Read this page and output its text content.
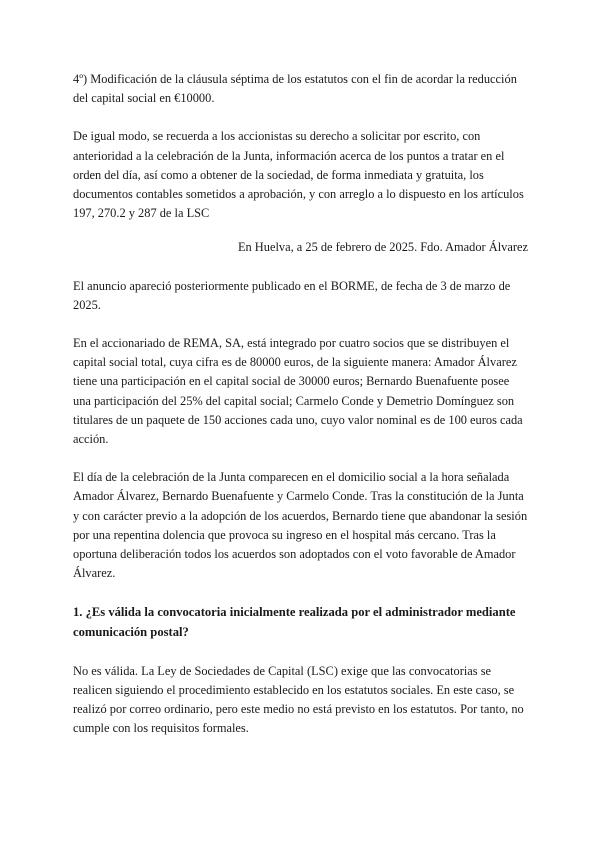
4º) Modificación de la cláusula séptima de los estatutos con el fin de acordar la reducción del capital social en €10000.

De igual modo, se recuerda a los accionistas su derecho a solicitar por escrito, con anterioridad a la celebración de la Junta, información acerca de los puntos a tratar en el orden del día, así como a obtener de la sociedad, de forma inmediata y gratuita, los documentos contables sometidos a aprobación, y con arreglo a lo dispuesto en los artículos 197, 270.2 y 287 de la LSC

En Huelva, a 25 de febrero de 2025. Fdo. Amador Álvarez

El anuncio apareció posteriormente publicado en el BORME, de fecha de 3 de marzo de 2025.

En el accionariado de REMA, SA, está integrado por cuatro socios que se distribuyen el capital social total, cuya cifra es de 80000 euros, de la siguiente manera: Amador Álvarez tiene una participación en el capital social de 30000 euros; Bernardo Buenafuente posee una participación del 25% del capital social; Carmelo Conde y Demetrio Domínguez son titulares de un paquete de 150 acciones cada uno, cuyo valor nominal es de 100 euros cada acción.

El día de la celebración de la Junta comparecen en el domicilio social a la hora señalada Amador Álvarez, Bernardo Buenafuente y Carmelo Conde. Tras la constitución de la Junta y con carácter previo a la adopción de los acuerdos, Bernardo tiene que abandonar la sesión por una repentina dolencia que provoca su ingreso en el hospital más cercano. Tras la oportuna deliberación todos los acuerdos son adoptados con el voto favorable de Amador Álvarez.

1. ¿Es válida la convocatoria inicialmente realizada por el administrador mediante comunicación postal?

No es válida. La Ley de Sociedades de Capital (LSC) exige que las convocatorias se realicen siguiendo el procedimiento establecido en los estatutos sociales. En este caso, se realizó por correo ordinario, pero este medio no está previsto en los estatutos. Por tanto, no cumple con los requisitos formales.
